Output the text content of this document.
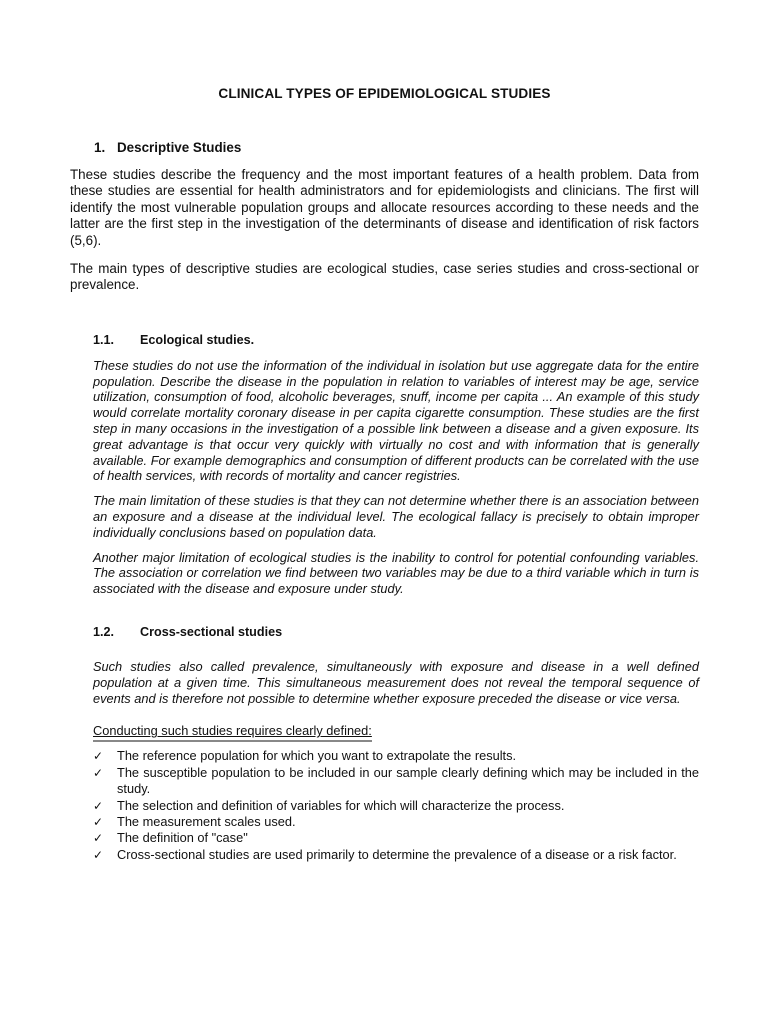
CLINICAL TYPES OF EPIDEMIOLOGICAL STUDIES
1. Descriptive Studies
These studies describe the frequency and the most important features of a health problem. Data from these studies are essential for health administrators and for epidemiologists and clinicians. The first will identify the most vulnerable population groups and allocate resources according to these needs and the latter are the first step in the investigation of the determinants of disease and identification of risk factors (5,6).
The main types of descriptive studies are ecological studies, case series studies and cross-sectional or prevalence.
1.1. Ecological studies.
These studies do not use the information of the individual in isolation but use aggregate data for the entire population. Describe the disease in the population in relation to variables of interest may be age, service utilization, consumption of food, alcoholic beverages, snuff, income per capita ... An example of this study would correlate mortality coronary disease in per capita cigarette consumption. These studies are the first step in many occasions in the investigation of a possible link between a disease and a given exposure. Its great advantage is that occur very quickly with virtually no cost and with information that is generally available. For example demographics and consumption of different products can be correlated with the use of health services, with records of mortality and cancer registries.
The main limitation of these studies is that they can not determine whether there is an association between an exposure and a disease at the individual level. The ecological fallacy is precisely to obtain improper individually conclusions based on population data.
Another major limitation of ecological studies is the inability to control for potential confounding variables. The association or correlation we find between two variables may be due to a third variable which in turn is associated with the disease and exposure under study.
1.2. Cross-sectional studies
Such studies also called prevalence, simultaneously with exposure and disease in a well defined population at a given time. This simultaneous measurement does not reveal the temporal sequence of events and is therefore not possible to determine whether exposure preceded the disease or vice versa.
Conducting such studies requires clearly defined:
✓ The reference population for which you want to extrapolate the results.
✓ The susceptible population to be included in our sample clearly defining which may be included in the study.
✓ The selection and definition of variables for which will characterize the process.
✓ The measurement scales used.
✓ The definition of "case"
✓ Cross-sectional studies are used primarily to determine the prevalence of a disease or a risk factor.
